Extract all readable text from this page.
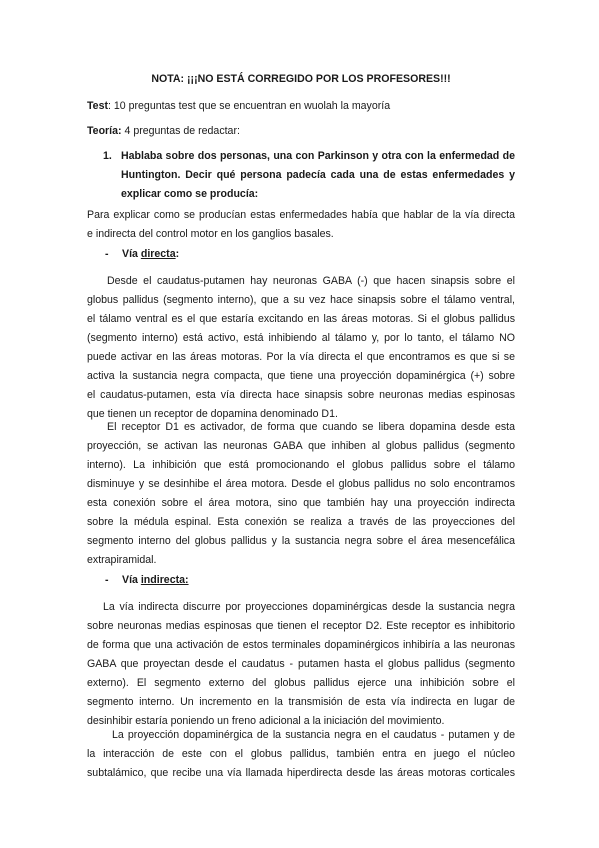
NOTA: ¡¡¡NO ESTÁ CORREGIDO POR LOS PROFESORES!!!

Test: 10 preguntas test que se encuentran en wuolah la mayoría

Teoría: 4 preguntas de redactar:

1. Hablaba sobre dos personas, una con Parkinson y otra con la enfermedad de
Huntington. Decir qué persona padecía cada una de estas enfermedades y
explicar como se producía:
Para explicar como se producían estas enfermedades había que hablar de la vía directa
e indirecta del control motor en los ganglios basales.
- Vía directa:
Desde el caudatus-putamen hay neuronas GABA (-) que hacen sinapsis sobre el
globus pallidus (segmento interno), que a su vez hace sinapsis sobre el tálamo ventral,
el tálamo ventral es el que estaría excitando en las áreas motoras. Si el globus pallidus
(segmento interno) está activo, está inhibiendo al tálamo y, por lo tanto, el tálamo NO
puede activar en las áreas motoras. Por la vía directa el que encontramos es que si se
activa la sustancia negra compacta, que tiene una proyección dopaminérgica (+) sobre
el caudatus-putamen, esta vía directa hace sinapsis sobre neuronas medias espinosas
que tienen un receptor de dopamina denominado D1.
El receptor D1 es activador, de forma que cuando se libera dopamina desde esta
proyección, se activan las neuronas GABA que inhiben al globus pallidus (segmento
interno). La inhibición que está promocionando el globus pallidus sobre el tálamo
disminuye y se desinhibe el área motora. Desde el globus pallidus no solo encontramos
esta conexión sobre el área motora, sino que también hay una proyección indirecta
sobre la médula espinal. Esta conexión se realiza a través de las proyecciones del
segmento interno del globus pallidus y la sustancia negra sobre el área mesencefálica
extrapiramidal.
- Vía indirecta:
La vía indirecta discurre por proyecciones dopaminérgicas desde la sustancia negra
sobre neuronas medias espinosas que tienen el receptor D2. Este receptor es inhibitorio
de forma que una activación de estos terminales dopaminérgicos inhibiría a las neuronas
GABA que proyectan desde el caudatus - putamen hasta el globus pallidus (segmento
externo). El segmento externo del globus pallidus ejerce una inhibición sobre el
segmento interno. Un incremento en la transmisión de esta vía indirecta en lugar de
desinhibir estaría poniendo un freno adicional a la iniciación del movimiento.
La proyección dopaminérgica de la sustancia negra en el caudatus - putamen y de
la interacción de este con el globus pallidus, también entra en juego el núcleo
subtalámico, que recibe una vía llamada hiperdirecta desde las áreas motoras corticales
